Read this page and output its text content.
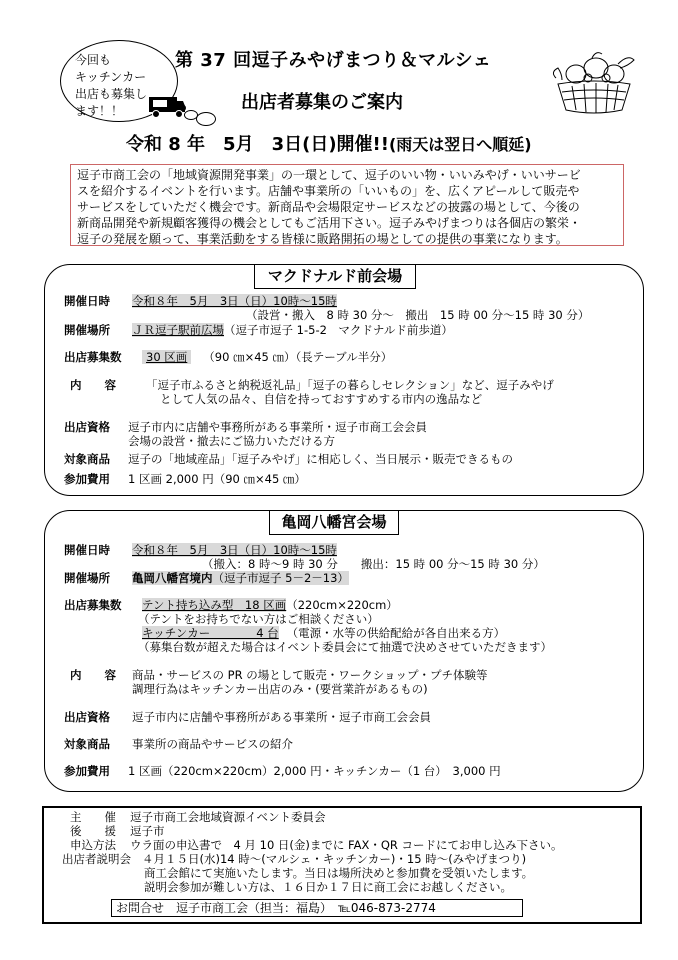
今回も
キッチンカー
出店も募集し
ます！！
第 37 回逗子みやげまつり＆マルシェ
出店者募集のご案内
令和 8 年　5月　3日(日)開催!!(雨天は翌日へ順延)
逗子市商工会の「地域資源開発事業」の一環として、逗子のいい物・いいみやげ・いいサービ
スを紹介するイベントを行います。店舗や事業所の「いいもの」を、広くアピールして販売や
サービスをしていただく機会です。新商品や会場限定サービスなどの披露の場として、今後の
新商品開発や新規顧客獲得の機会としてもご活用下さい。逗子みやげまつりは各個店の繁栄・
逗子の発展を願って、事業活動をする皆様に販路開拓の場としての提供の事業になります。
マクドナルド前会場
開催日時 令和８年　5月　3日（日）10時～15時
（設営・搬入　8 時 30 分～　搬出　15 時 00 分～15 時 30 分）
開催場所 ＪＲ逗子駅前広場（逗子市逗子 1-5-2　マクドナルド前歩道）
出店募集数 30 区画 （90 ㎝×45 ㎝）（長テーブル半分）
内　　容	「逗子市ふるさと納税返礼品」「逗子の暮らしセレクション」など、逗子みやげ
として人気の品々、自信を持っておすすめする市内の逸品など
出店資格 逗子市内に店舗や事務所がある事業所・逗子市商工会会員
会場の設営・撤去にご協力いただける方
対象商品 逗子の「地域産品」「逗子みやげ」に相応しく、当日展示・販売できるもの
参加費用 1 区画 2,000 円（90 ㎝×45 ㎝）
亀岡八幡宮会場
開催日時 令和８年　5月　3日（日）10時～15時
（搬入：8 時～9 時 30 分　　搬出：15 時 00 分～15 時 30 分）
開催場所 亀岡八幡宮境内（逗子市逗子 5－2－13）
出店募集数 テント持ち込み型　18 区画（220cm×220cm）
（テントをお持ちでない方はご相談ください）
キッチンカー　　　　4 台 （電源・水等の供給配給が各自出来る方）
（募集台数が超えた場合はイベント委員会にて抽選で決めさせていただきます）
内　　容 商品・サービスの PR の場として販売・ワークショップ・プチ体験等
調理行為はキッチンカー出店のみ・(要営業許があるもの)
出店資格 逗子市内に店舗や事務所がある事業所・逗子市商工会会員
対象商品 事業所の商品やサービスの紹介
参加費用 1 区画（220cm×220cm）2,000 円・キッチンカー（1 台）　3,000 円
主　　催 逗子市商工会地域資源イベント委員会
後　　援 逗子市
申込方法 ウラ面の申込書で　4 月 10 日(金)までに FAX・QR コードにてお申し込み下さい。
出店者説明会 ４月１５日(水)14 時～(マルシェ・キッチンカー)・15 時～(みやげまつり)
商工会館にて実施いたします。当日は場所決めと参加費を受領いたします。
説明会参加が難しい方は、１６日か１７日に商工会にお越しください。
お問合せ　逗子市商工会（担当：福島）　℡046-873-2774
